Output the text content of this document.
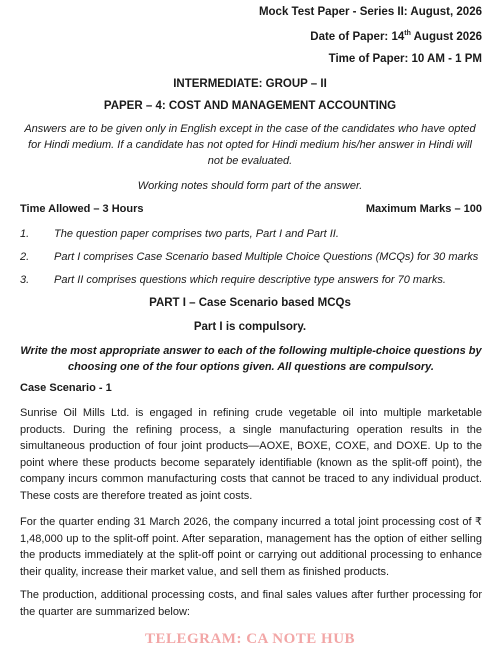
Mock Test Paper - Series II: August, 2026
Date of Paper: 14th August 2026
Time of Paper: 10 AM - 1 PM
INTERMEDIATE: GROUP – II
PAPER – 4: COST AND MANAGEMENT ACCOUNTING
Answers are to be given only in English except in the case of the candidates who have opted
for Hindi medium. If a candidate has not opted for Hindi medium his/her answer in Hindi will
not be evaluated.
Working notes should form part of the answer.
Time Allowed – 3 Hours	Maximum Marks – 100
1. The question paper comprises two parts, Part I and Part II.
2. Part I comprises Case Scenario based Multiple Choice Questions (MCQs) for 30 marks
3. Part II comprises questions which require descriptive type answers for 70 marks.
PART I – Case Scenario based MCQs
Part I is compulsory.
Write the most appropriate answer to each of the following multiple-choice questions by
choosing one of the four options given. All questions are compulsory.
Case Scenario - 1
Sunrise Oil Mills Ltd. is engaged in refining crude vegetable oil into multiple marketable products. During the refining process, a single manufacturing operation results in the simultaneous production of four joint products—AOXE, BOXE, COXE, and DOXE. Up to the point where these products become separately identifiable (known as the split-off point), the company incurs common manufacturing costs that cannot be traced to any individual product. These costs are therefore treated as joint costs.
For the quarter ending 31 March 2026, the company incurred a total joint processing cost of ₹ 1,48,000 up to the split-off point. After separation, management has the option of either selling the products immediately at the split-off point or carrying out additional processing to enhance their quality, increase their market value, and sell them as finished products.
The production, additional processing costs, and final sales values after further processing for the quarter are summarized below:
TELEGRAM: CA NOTE HUB
